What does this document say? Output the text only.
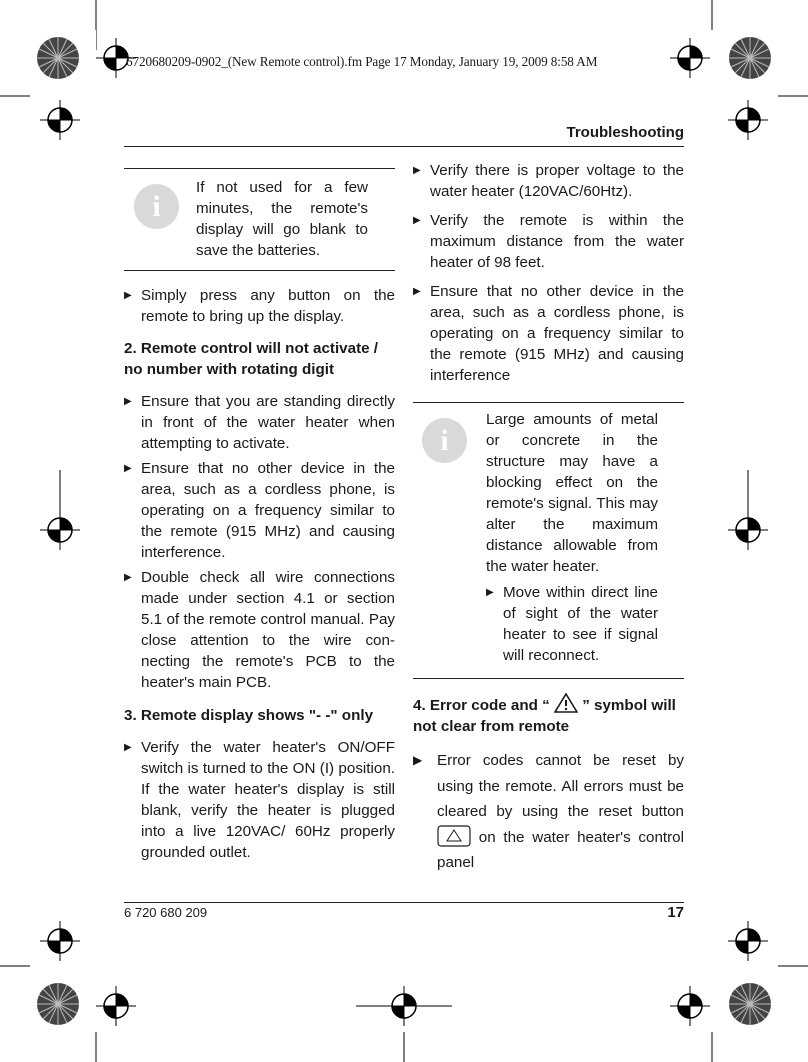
6720680209-0902_(New Remote control).fm Page 17 Monday, January 19, 2009 8:58 AM
Troubleshooting
i

If not used for a few minutes, the remote's display will go blank to save the batteries.

▶ Simply press any button on the remote to bring up the display.
2. Remote control will not activate / no number with rotating digit
▶ Ensure that you are standing directly in front of the water heater when attempting to activate.
▶ Ensure that no other device in the area, such as a cordless phone, is operating on a frequency similar to the remote (915 MHz) and causing interference.
▶ Double check all wire connections made under section 4.1 or section 5.1 of the remote control manual. Pay close attention to the wire con-necting the remote's PCB to the heater's main PCB.
3. Remote display shows "- -" only
▶ Verify the water heater's ON/OFF switch is turned to the ON (I) position. If the water heater's display is still blank, verify the heater is plugged into a live 120VAC/ 60Hz properly grounded outlet.
▶ Verify there is proper voltage to the water heater (120VAC/60Htz).
▶ Verify the remote is within the maximum distance from the water heater of 98 feet.
▶ Ensure that no other device in the area, such as a cordless phone, is operating on a frequency similar to the remote (915 MHz) and causing interference
i

Large amounts of metal or concrete in the structure may have a blocking effect on the remote's signal. This may alter the maximum distance allowable from the water heater.

▶ Move within direct line of sight of the water heater to see if signal will reconnect.
4. Error code and “ ” symbol will not clear from remote
▶ Error codes cannot be reset by using the remote. All errors must be cleared by using the reset button  on the water heater's control panel
6 720 680 209	17
